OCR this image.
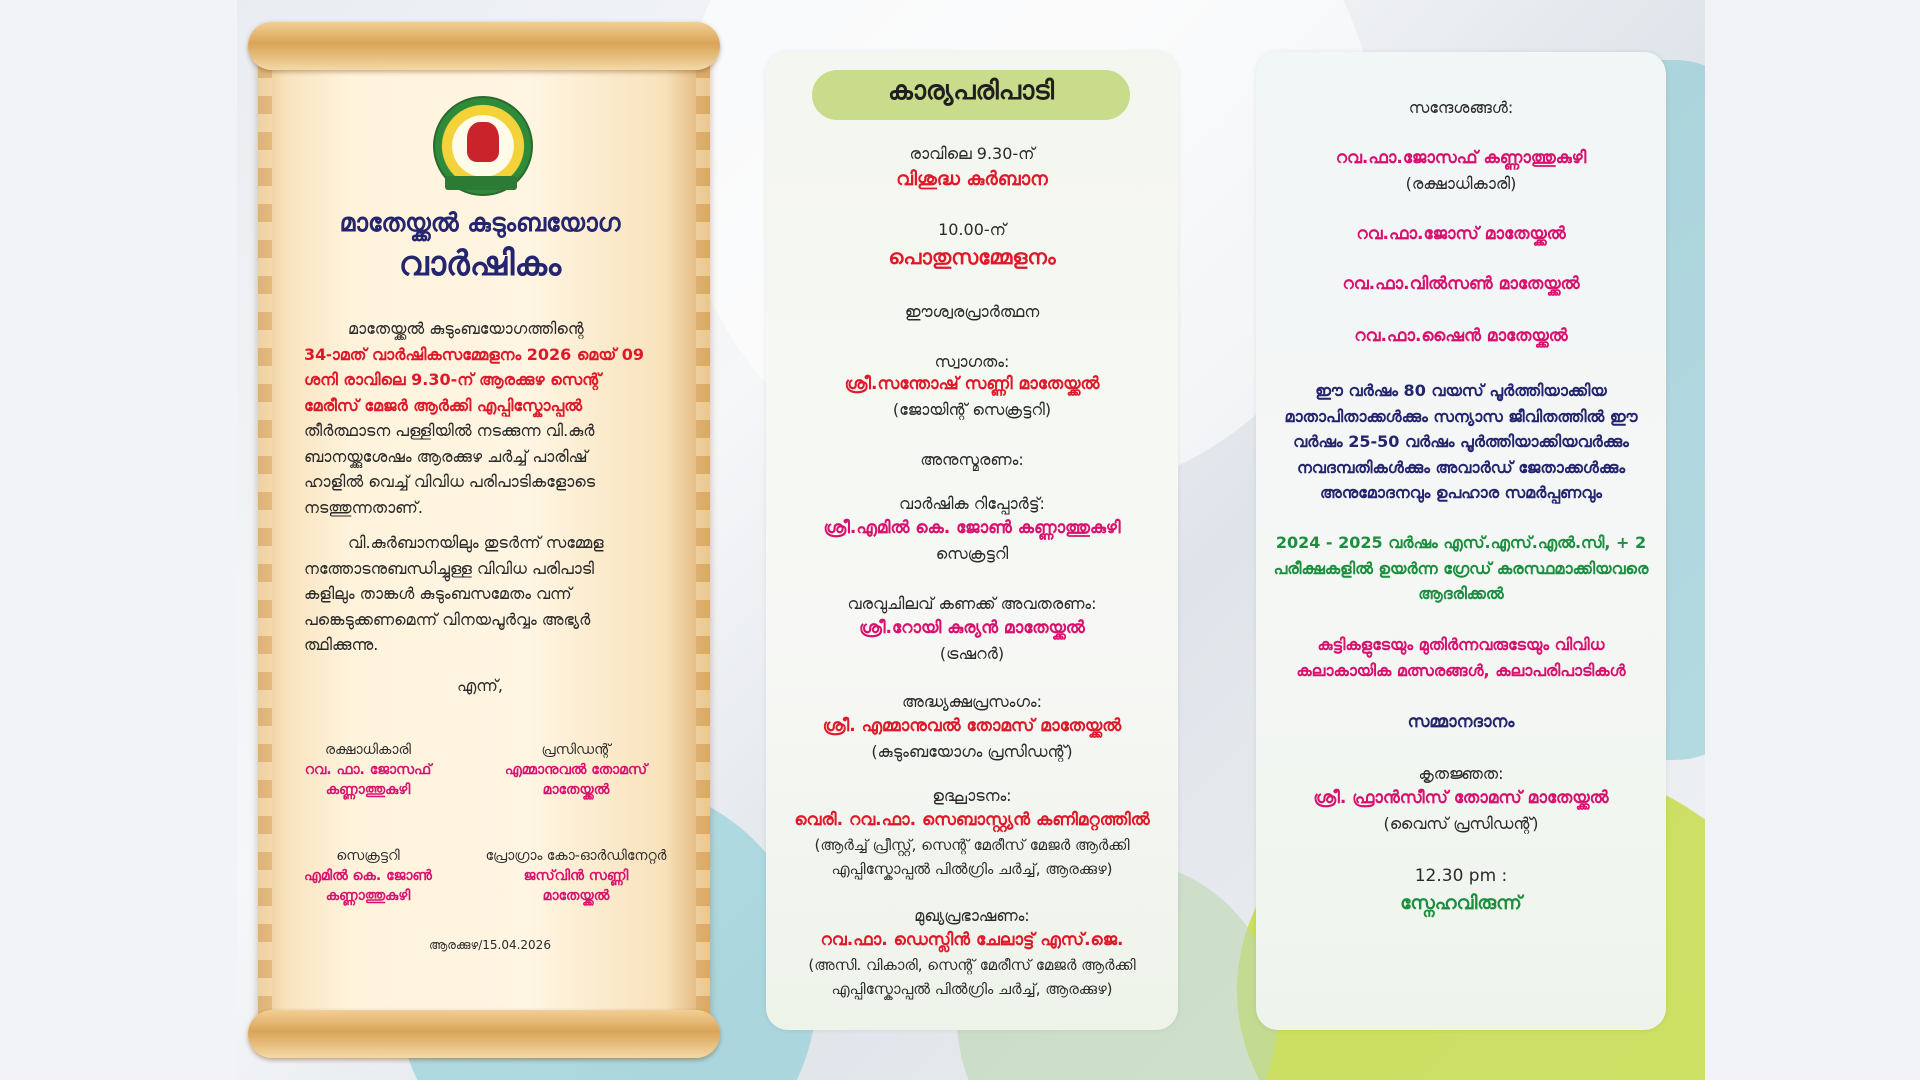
മാതേയ്ക്കൽ കുടുംബയോഗ

വാർഷികം

മാതേയ്ക്കൽ കുടുംബയോഗത്തിന്റെ
34-ാമത് വാർഷികസമ്മേളനം 2026 മെയ് 09
ശനി രാവിലെ 9.30-ന് ആരക്കുഴ സെന്റ്
മേരീസ് മേജർ ആർക്കി എപ്പിസ്കോപ്പൽ
തീർത്ഥാടന പള്ളിയിൽ നടക്കുന്ന വി.കുർ
ബാനയ്ക്കുശേഷം ആരക്കുഴ ചർച്ച് പാരിഷ്
ഹാളിൽ വെച്ച് വിവിധ പരിപാടികളോടെ
നടത്തുന്നതാണ്.
വി.കുർബാനയിലും തുടർന്ന് സമ്മേള
നത്തോടനുബന്ധിച്ചുള്ള വിവിധ പരിപാടി
കളിലും താങ്കൾ കുടുംബസമേതം വന്ന്
പങ്കെടുക്കണമെന്ന് വിനയപൂർവ്വം അഭ്യർ
ത്ഥിക്കുന്നു.

എന്ന്,

രക്ഷാധികാരി
റവ. ഫാ. ജോസഫ്
കണ്ണാത്തുകുഴി
പ്രസിഡന്റ്
എമ്മാനുവൽ തോമസ്
മാതേയ്ക്കൽ
സെക്രട്ടറി
എമിൽ കെ. ജോൺ
കണ്ണാത്തുകുഴി
പ്രോഗ്രാം കോ-ഓർഡിനേറ്റർ
ജസ്‌വിൻ സണ്ണി
മാതേയ്ക്കൽ

ആരക്കുഴ/15.04.2026

കാര്യപരിപാടി

രാവിലെ 9.30-ന്
വിശുദ്ധ കുർബാന
10.00-ന്
പൊതുസമ്മേളനം
ഈശ്വരപ്രാർത്ഥന
സ്വാഗതം:
ശ്രീ.സന്തോഷ് സണ്ണി മാതേയ്ക്കൽ
(ജോയിന്റ് സെക്രട്ടറി)
അനുസ്മരണം:
വാർഷിക റിപ്പോർട്ട്:
ശ്രീ.എമിൽ കെ. ജോൺ കണ്ണാത്തുകുഴി
സെക്രട്ടറി
വരവുചിലവ് കണക്ക് അവതരണം:
ശ്രീ.റോയി കുര്യൻ മാതേയ്ക്കൽ
(ട്രഷറർ)
അദ്ധ്യക്ഷപ്രസംഗം:
ശ്രീ. എമ്മാനുവൽ തോമസ് മാതേയ്ക്കൽ
(കുടുംബയോഗം പ്രസിഡന്റ്)
ഉദ്ഘാടനം:
വെരി. റവ.ഫാ. സെബാസ്റ്റ്യൻ കണിമറ്റത്തിൽ
(ആർച്ച് പ്രീസ്റ്റ്, സെന്റ് മേരീസ് മേജർ ആർക്കി
എപ്പിസ്കോപ്പൽ പിൽഗ്രിം ചർച്ച്, ആരക്കുഴ)
മുഖ്യപ്രഭാഷണം:
റവ.ഫാ. ഡെസ്ലിൻ ചേലാട്ട് എസ്.ജെ.
(അസി. വികാരി, സെന്റ് മേരീസ് മേജർ ആർക്കി
എപ്പിസ്കോപ്പൽ പിൽഗ്രിം ചർച്ച്, ആരക്കുഴ)
സന്ദേശങ്ങൾ:
റവ.ഫാ.ജോസഫ് കണ്ണാത്തുകുഴി
(രക്ഷാധികാരി)
റവ.ഫാ.ജോസ് മാതേയ്ക്കൽ
റവ.ഫാ.വിൽസൺ മാതേയ്ക്കൽ
റവ.ഫാ.ഷൈൻ മാതേയ്ക്കൽ
ഈ വർഷം 80 വയസ് പൂർത്തിയാക്കിയ
മാതാപിതാക്കൾക്കും സന്യാസ ജീവിതത്തിൽ ഈ
വർഷം 25-50 വർഷം പൂർത്തിയാക്കിയവർക്കും
നവദമ്പതികൾക്കും അവാർഡ് ജേതാക്കൾക്കും
അനുമോദനവും ഉപഹാര സമർപ്പണവും
2024 - 2025 വർഷം എസ്.എസ്.എൽ.സി, + 2
പരീക്ഷകളിൽ ഉയർന്ന ഗ്രേഡ് കരസ്ഥമാക്കിയവരെ
ആദരിക്കൽ
കുട്ടികളുടേയും മുതിർന്നവരുടേയും വിവിധ
കലാകായിക മത്സരങ്ങൾ, കലാപരിപാടികൾ
സമ്മാനദാനം
കൃതജ്ഞത:
ശ്രീ. ഫ്രാൻസീസ് തോമസ് മാതേയ്ക്കൽ
(വൈസ് പ്രസിഡന്റ്)
12.30 pm :
സ്നേഹവിരുന്ന്
